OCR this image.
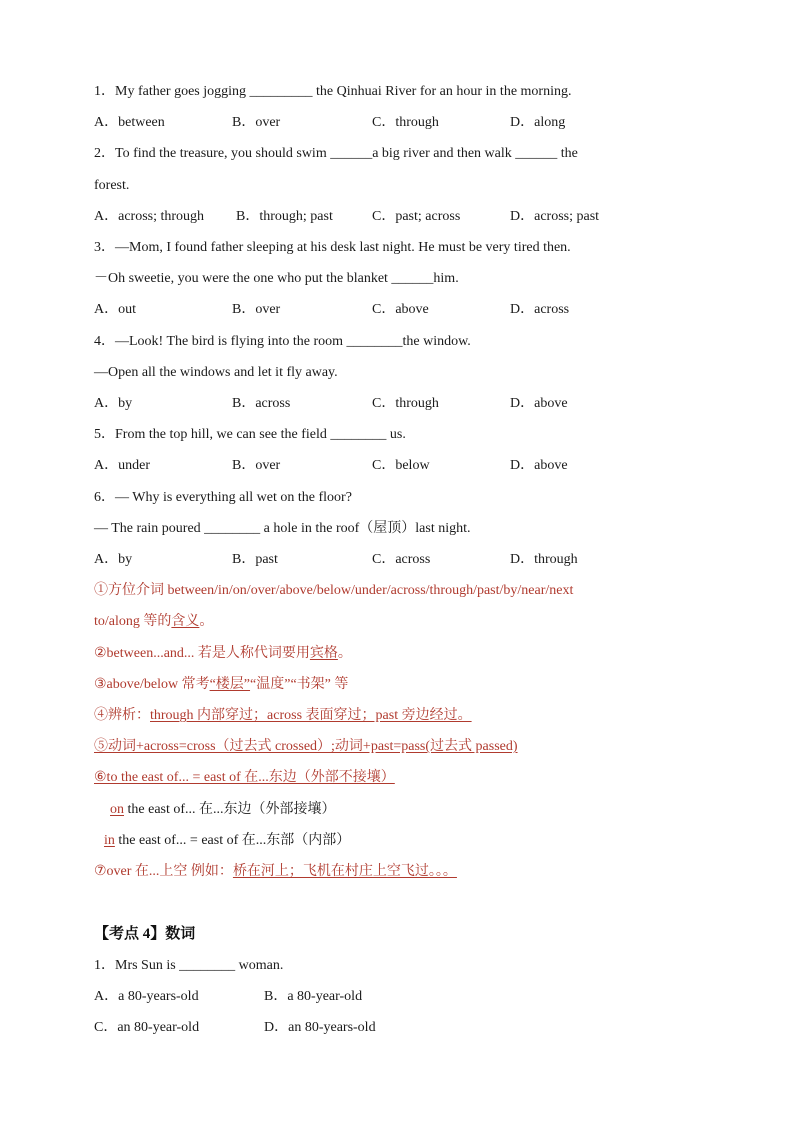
1．My father goes jogging _________ the Qinhuai River for an hour in the morning.
A．between	B．over	C．through	D．along
2．To find the treasure, you should swim ______a big river and then walk ______ the
forest.
A．across; through B．through; past	C．past; across	D．across; past
3．—Mom, I found father sleeping at his desk last night. He must be very tired then.
－Oh sweetie, you were the one who put the blanket ______him.
A．out	B．over	C．above	D．across
4．—Look! The bird is flying into the room ________the window.
—Open all the windows and let it fly away.
A．by	B．across	C．through	D．above
5．From the top hill, we can see the field ________ us.
A．under	B．over	C．below	D．above
6．— Why is everything all wet on the floor?
— The rain poured ________ a hole in the roof（屋顶）last night.
A．by	B．past	C．across	D．through
①方位介词 between/in/on/over/above/below/under/across/through/past/by/near/next
to/along 等的含义。
②between...and... 若是人称代词要用宾格。
③above/below 常考“楼层”“温度”“书架” 等
④辨析：through 内部穿过；across 表面穿过；past 旁边经过。
⑤动词+across=cross（过去式 crossed）;动词+past=pass(过去式 passed)
⑥to the east of... = east of 在...东边（外部不接壤）
on the east of... 在...东边（外部接壤）
in the east of... = east of 在...东部（内部）
⑦over 在...上空 例如：桥在河上；飞机在村庄上空飞过。。。
【考点 4】数词
1．Mrs Sun is ________ woman.
A．a 80-years-old	B．a 80-year-old
C．an 80-year-old	D．an 80-years-old
